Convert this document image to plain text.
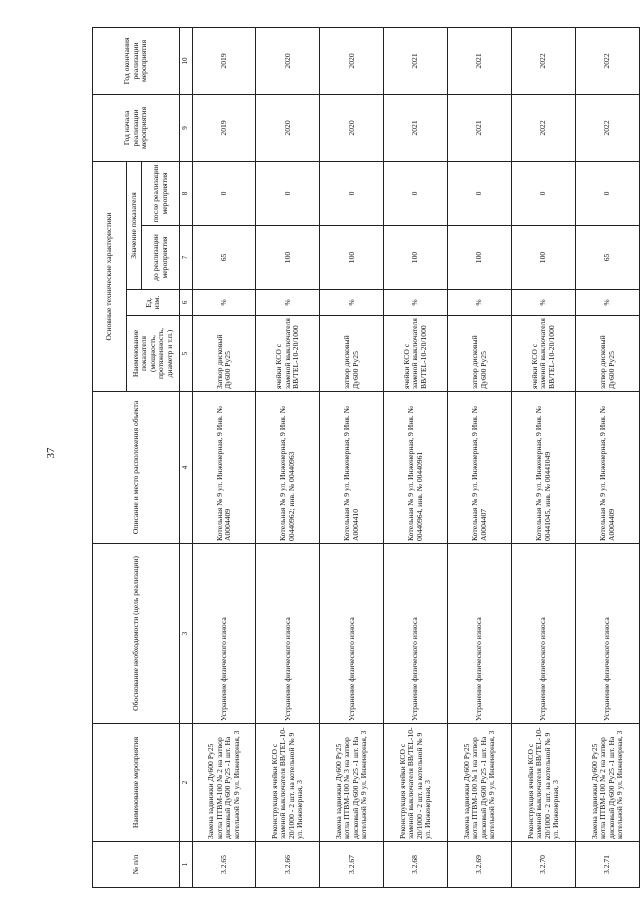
37
№ п/п	Наименование мероприятия	Обоснование необходимости (цель реализации)	Описание и место расположения объекта	Основные технические характеристики				Год начала реализации мероприятия	Год окончания реализации мероприятия
				Наименование показателя (мощность, протяженность, диаметр и т.п.)	Ед. изм.	Значение показателя			
						до реализации мероприятия	после реализации мероприятия		
1	2	3	4	5	6	7	8	9	10
3.2.65	Замена задвижки Ду600 Ру25 котла ПТВМ-100 № 2 на затвор дисковый Ду600 Ру25 -1 шт. На котельной № 9 ул. Инженерная, 3	Устранение физического износа	Котельная № 9 ул. Инженерная, 9 Инв. № А0004409	Затвор дисковый Ду600 Ру25	%	65	0	2019	2019
3.2.66	Реконструкция ячейки КСО с заменой выключателя ВВ/TEL-10-20/1000 - 2 шт. на котельной № 9 ул. Инженерная, 3	Устранение физического износа	Котельная № 9 ул. Инженерная, 9 Инв. № 00440962; инв. № 00440963	ячейки КСО с заменой выключателя ВВ/TEL-10-20/1000	%	100	0	2020	2020
3.2.67	Замена задвижки Ду600 Ру25 котла ПТВМ-100 № 3 на затвор дисковый Ду600 Ру25 -1 шт. На котельной № 9 ул. Инженерная, 3	Устранение физического износа	Котельная № 9 ул. Инженерная, 9 Инв. № А0004410	затвор дисковый Ду600 Ру25	%	100	0	2020	2020
3.2.68	Реконструкция ячейки КСО с заменой выключателя ВВ/TEL-10-20/1000 - 2 шт. на котельной № 9 ул. Инженерная, 3	Устранение физического износа	Котельная № 9 ул. Инженерная, 9 Инв. № 00440964, инв. № 00440961	ячейки КСО с заменой выключателя ВВ/TEL-10-20/1000	%	100	0	2021	2021
3.2.69	Замена задвижки Ду600 Ру25 котла ПТВМ-100 № 1 на затвор дисковый Ду600 Ру25 -1 шт. На котельной № 9 ул. Инженерная, 3	Устранение физического износа	Котельная № 9 ул. Инженерная, 9 Инв. № А0004407	затвор дисковый Ду600 Ру25	%	100	0	2021	2021
3.2.70	Реконструкция ячейки КСО с заменой выключателя ВВ/TEL-10-20/1000 - 2 шт. на котельной № 9 ул. Инженерная, 3	Устранение физического износа	Котельная № 9 ул. Инженерная, 9 Инв. № 00441045, инв. № 00441049	ячейки КСО с заменой выключателя ВВ/TEL-10-20/1000	%	100	0	2022	2022
3.2.71	Замена задвижки Ду600 Ру25 котла ПТВМ-100 № 2 на затвор дисковый Ду600 Ру25 -1 шт. На котельной № 9 ул. Инженерная, 3	Устранение физического износа	Котельная № 9 ул. Инженерная, 9 Инв. № А0004409	затвор дисковый Ду600 Ру25	%	65	0	2022	2022
